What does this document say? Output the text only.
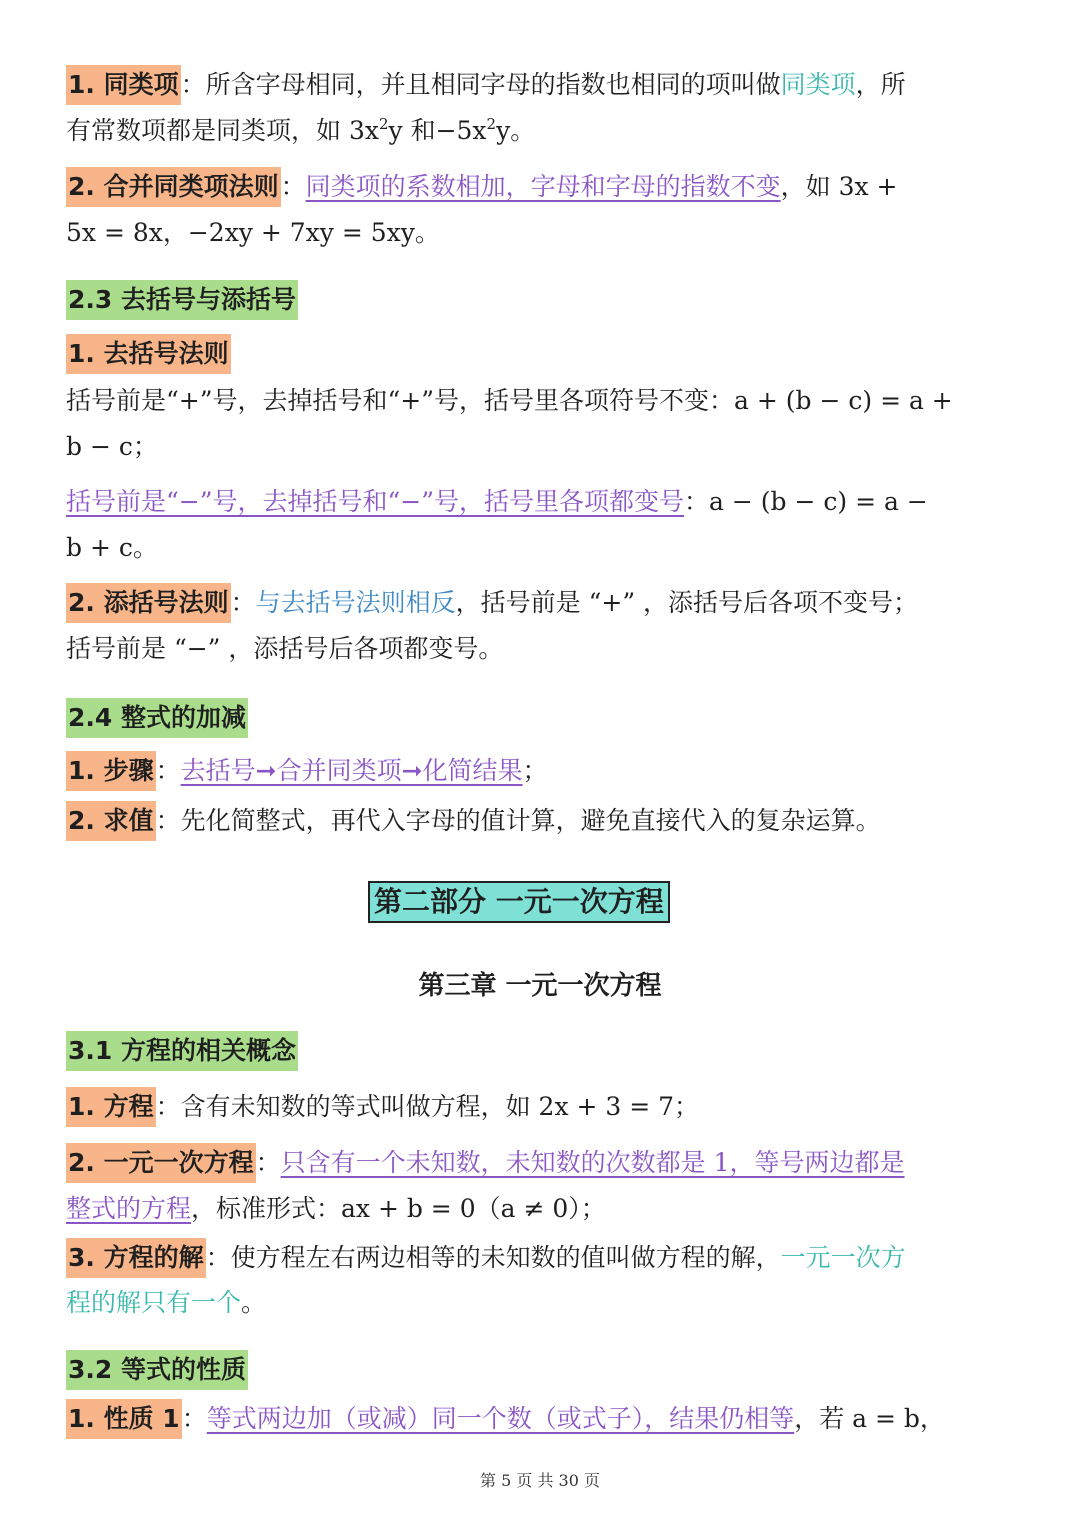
1. 同类项：所含字母相同，并且相同字母的指数也相同的项叫做同类项，所
有常数项都是同类项，如 $3x^2y$ 和$-5x^2y$。
2. 合并同类项法则：同类项的系数相加，字母和字母的指数不变，如 3x +
5x = 8x，−2xy + 7xy = 5xy。
2.3 去括号与添括号
1. 去括号法则
括号前是“+”号，去掉括号和“+”号，括号里各项符号不变：a + (b − c) = a +
b − c；
括号前是“−”号，去掉括号和“−”号，括号里各项都变号：a − (b − c) = a −
b + c。
2. 添括号法则：与去括号法则相反，括号前是 “+” ，添括号后各项不变号；
括号前是 “−” ，添括号后各项都变号。
2.4 整式的加减
1. 步骤：去括号➞合并同类项➞化简结果；
2. 求值：先化简整式，再代入字母的值计算，避免直接代入的复杂运算。
第二部分 一元一次方程
第三章 一元一次方程
3.1 方程的相关概念
1. 方程：含有未知数的等式叫做方程，如 2x + 3 = 7；
2. 一元一次方程：只含有一个未知数，未知数的次数都是 1，等号两边都是
整式的方程，标准形式：ax + b = 0（a ≠ 0）；
3. 方程的解：使方程左右两边相等的未知数的值叫做方程的解，一元一次方
程的解只有一个。
3.2 等式的性质
1. 性质 1：等式两边加（或减）同一个数（或式子），结果仍相等，若 a = b，
第 5 页 共 30 页
